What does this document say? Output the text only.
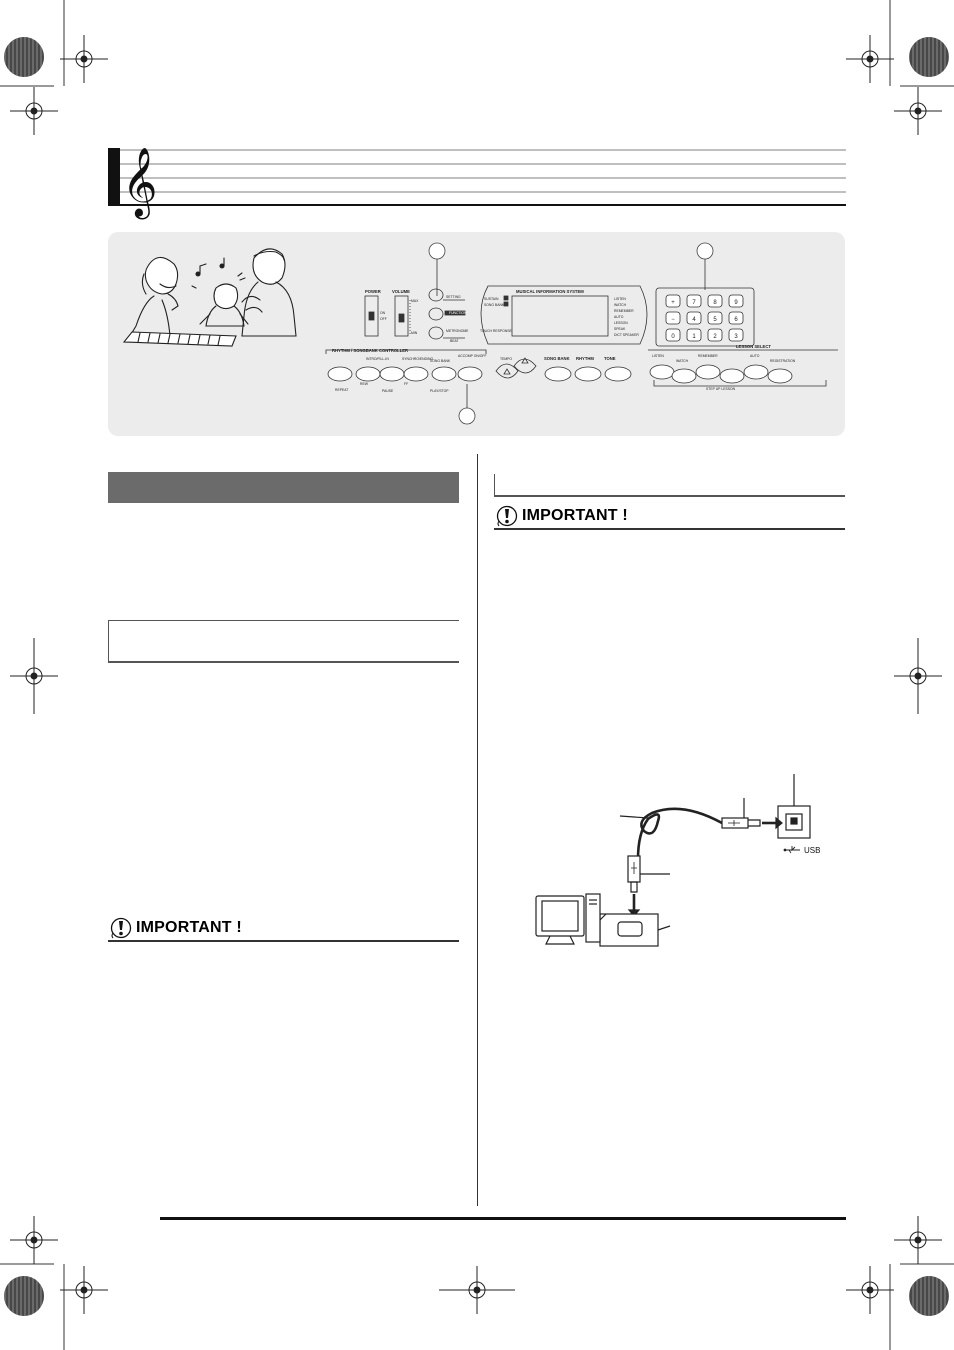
𝄞
POWER
ON
OFF
VOLUME
MAX
MIN
SETTING
FUNCTION
METRONOME
BEAT
MUSICAL INFORMATION SYSTEM
SUSTAIN
SONG BANK
TOUCH RESPONSE
LISTEN
WATCH
REMEMBER
AUTO
LESSON
SPEAK
DICT SPEAKER
RHYTHM / SONGBANK CONTROLLER
INTRO/FILL-IN	SYNCHRO/ENDING
SONG BANK
ACCOMP ON/OFF
REPEAT
REW	FF
PAUSE	PLAY/STOP
TEMPO	SONG BANK RHYTHM TONE
LESSON SELECT
LISTEN
WATCH
REMEMBER	AUTO
REGISTRATION
STEP UP LESSON
+	7	8	9
−	4	5	6
0	1	2	3
IMPORTANT !
IMPORTANT !
USB
